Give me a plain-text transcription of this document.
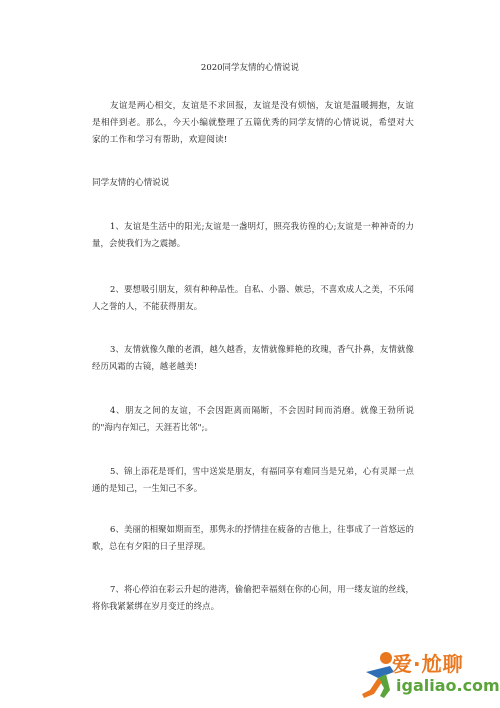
2020同学友情的心情说说
友谊是两心相交，友谊是不求回报，友谊是没有烦恼，友谊是温暖拥抱，友谊是相伴到老。那么，今天小编就整理了五篇优秀的同学友情的心情说说，希望对大家的工作和学习有帮助，欢迎阅读!
同学友情的心情说说
1、友谊是生活中的阳光;友谊是一盏明灯，照亮我彷徨的心;友谊是一种神奇的力量，会使我们为之震撼。
2、要想吸引朋友，须有种种品性。自私、小器、嫉忌，不喜欢成人之美，不乐闻人之誉的人，不能获得朋友。
3、友情就像久酿的老酒，越久越香，友情就像鲜艳的玫瑰，香气扑鼻，友情就像经历风霜的古镜，越老越美!
4、朋友之间的友谊，不会因距离而隔断，不会因时间而消磨。就像王勃所说的"海内存知己，天涯若比邻";。
5、锦上添花是哥们，雪中送炭是朋友，有福同享有难同当是兄弟，心有灵犀一点通的是知己，一生知己不多。
6、美丽的相聚如期而至，那隽永的抒情挂在疲备的吉他上，往事成了一首悠远的歌，总在有夕阳的日子里浮现。
7、将心停泊在彩云升起的港湾，偷偷把幸福刻在你的心间，用一缕友谊的丝线，将你我紧紧绑在岁月变迁的终点。
爱·尬聊
igaliao.com
